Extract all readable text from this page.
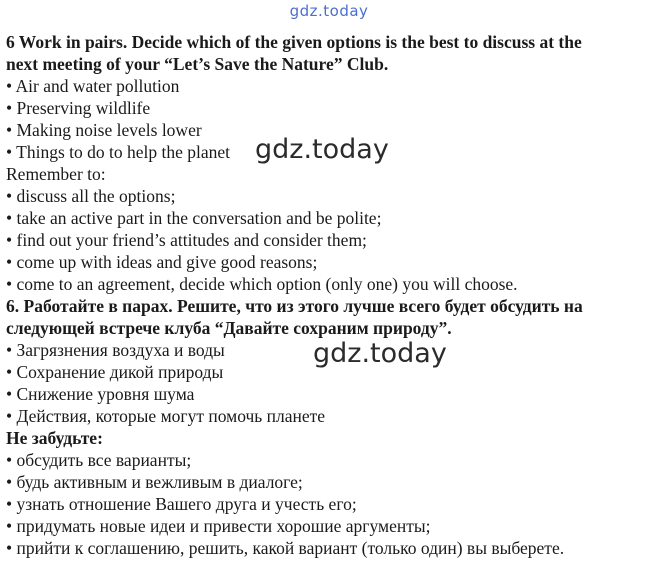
gdz.today
6 Work in pairs. Decide which of the given options is the best to discuss at the
next meeting of your “Let’s Save the Nature” Club.
• Air and water pollution
• Preserving wildlife
• Making noise levels lower
• Things to do to help the planet
Remember to:
• discuss all the options;
• take an active part in the conversation and be polite;
• find out your friend’s attitudes and consider them;
• come up with ideas and give good reasons;
• come to an agreement, decide which option (only one) you will choose.
6. Работайте в парах. Решите, что из этого лучше всего будет обсудить на
следующей встрече клуба “Давайте сохраним природу”.
• Загрязнения воздуха и воды
• Сохранение дикой природы
• Снижение уровня шума
• Действия, которые могут помочь планете
Не забудьте:
• обсудить все варианты;
• будь активным и вежливым в диалоге;
• узнать отношение Вашего друга и учесть его;
• придумать новые идеи и привести хорошие аргументы;
• прийти к соглашению, решить, какой вариант (только один) вы выберете.
gdz.today
gdz.today
